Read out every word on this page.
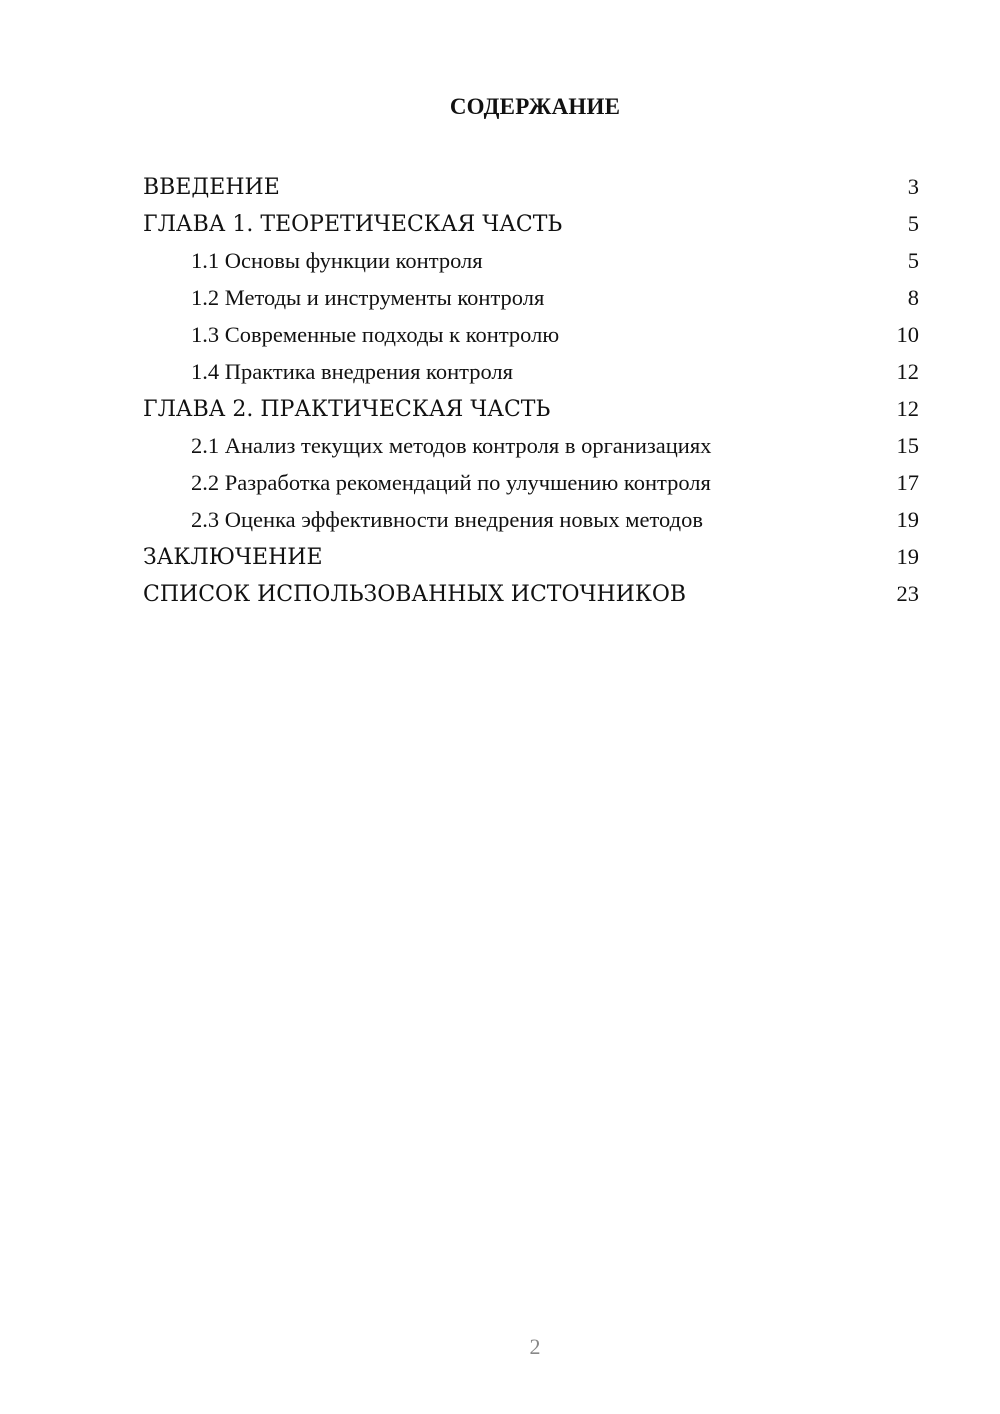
СОДЕРЖАНИЕ
ВВЕДЕНИЕ	3
ГЛАВА 1. ТЕОРЕТИЧЕСКАЯ ЧАСТЬ	5
1.1 Основы функции контроля	5
1.2 Методы и инструменты контроля	8
1.3 Современные подходы к контролю	10
1.4 Практика внедрения контроля	12
ГЛАВА 2. ПРАКТИЧЕСКАЯ ЧАСТЬ	12
2.1 Анализ текущих методов контроля в организациях	15
2.2 Разработка рекомендаций по улучшению контроля	17
2.3 Оценка эффективности внедрения новых методов	19
ЗАКЛЮЧЕНИЕ	19
СПИСОК ИСПОЛЬЗОВАННЫХ ИСТОЧНИКОВ	23
2
